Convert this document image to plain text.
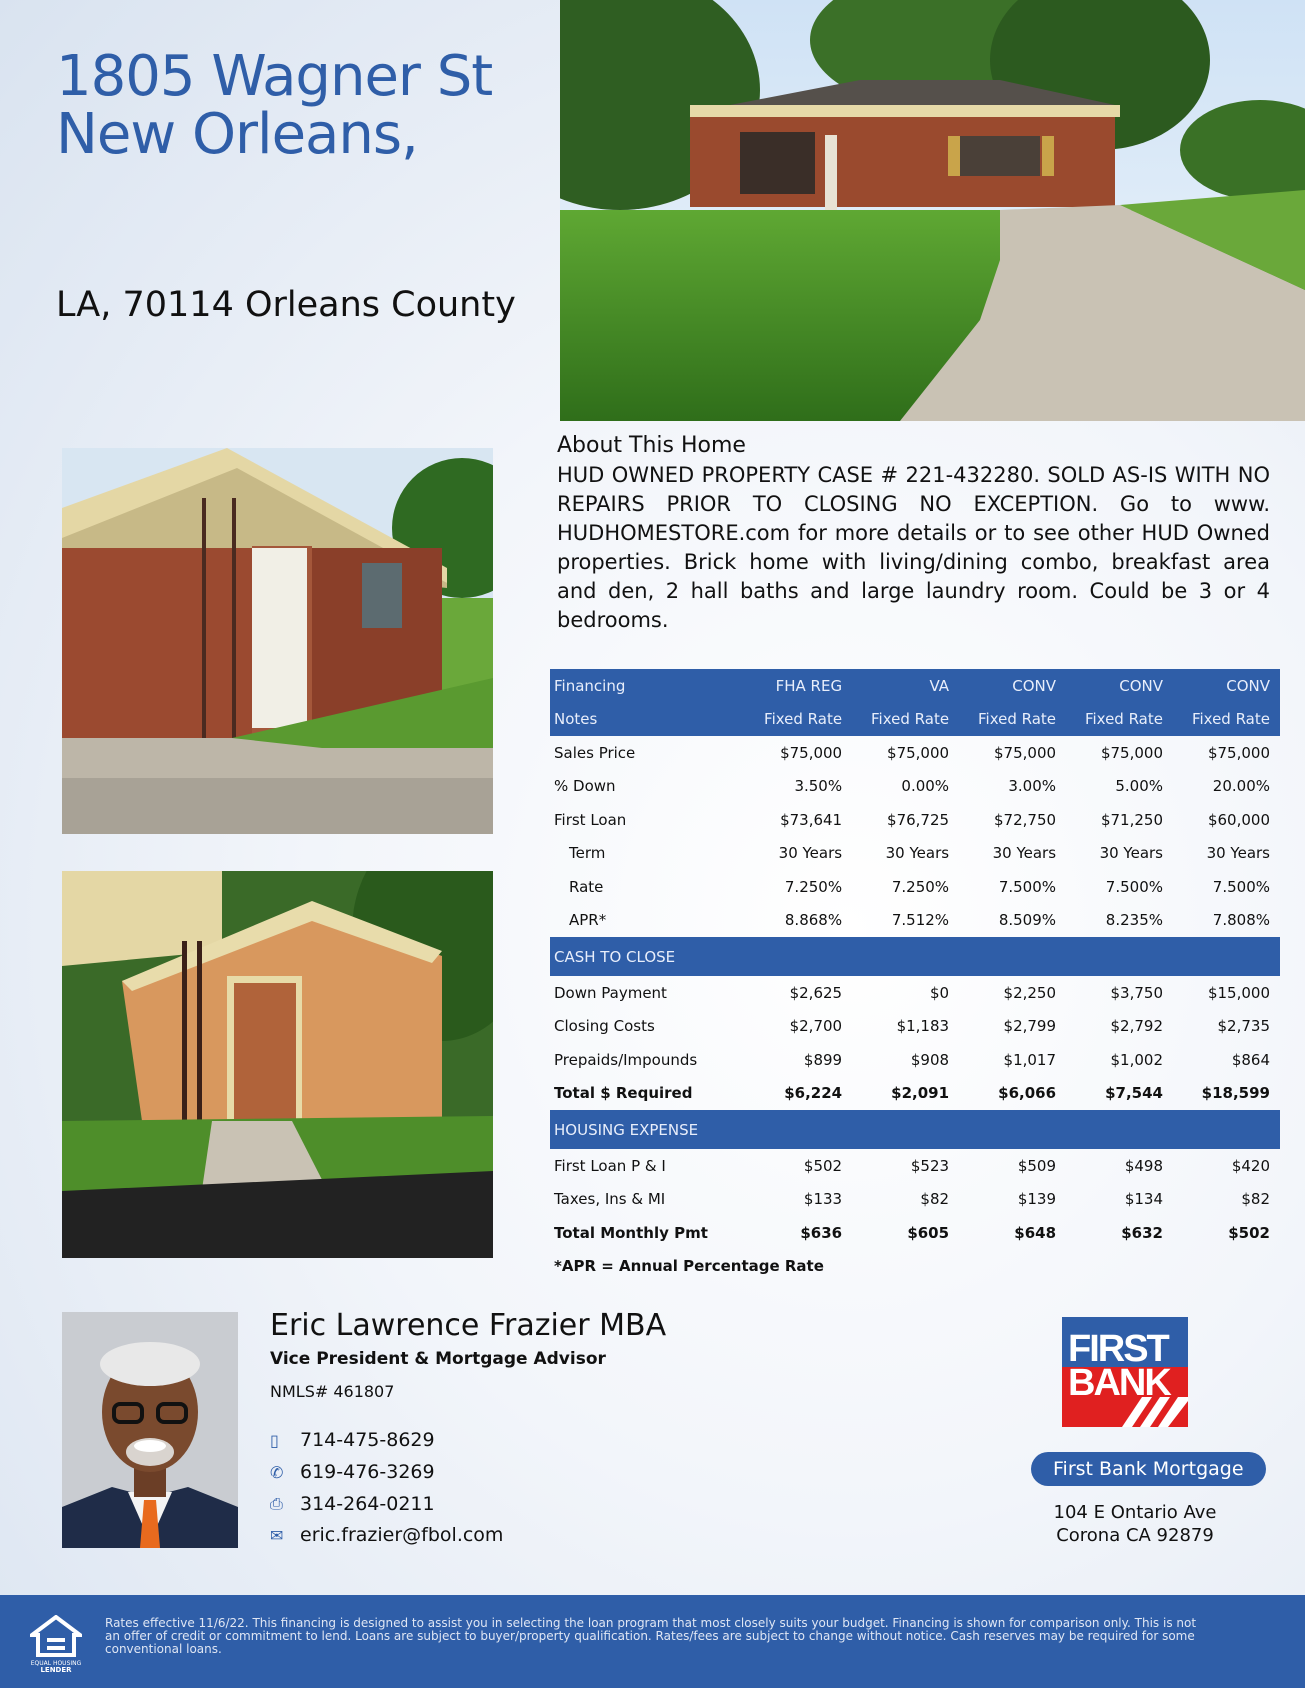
1805 Wagner St
New Orleans,
LA, 70114 Orleans County
About This Home
HUD OWNED PROPERTY CASE # 221-432280. SOLD AS-IS WITH NO REPAIRS PRIOR TO CLOSING NO EXCEPTION. Go to www. HUDHOMESTORE.com for more details or to see other HUD Owned properties. Brick home with living/dining combo, breakfast area and den, 2 hall baths and large laundry room. Could be 3 or 4 bedrooms.
Financing	FHA REG	VA	CONV	CONV	CONV
Notes	Fixed Rate	Fixed Rate	Fixed Rate	Fixed Rate	Fixed Rate
Sales Price	$75,000	$75,000	$75,000	$75,000	$75,000
% Down	3.50%	0.00%	3.00%	5.00%	20.00%
First Loan	$73,641	$76,725	$72,750	$71,250	$60,000
Term	30 Years	30 Years	30 Years	30 Years	30 Years
Rate	7.250%	7.250%	7.500%	7.500%	7.500%
APR*	8.868%	7.512%	8.509%	8.235%	7.808%
CASH TO CLOSE					
Down Payment	$2,625	$0	$2,250	$3,750	$15,000
Closing Costs	$2,700	$1,183	$2,799	$2,792	$2,735
Prepaids/Impounds	$899	$908	$1,017	$1,002	$864
Total $ Required	$6,224	$2,091	$6,066	$7,544	$18,599
HOUSING EXPENSE					
First Loan P & I	$502	$523	$509	$498	$420
Taxes, Ins & MI	$133	$82	$139	$134	$82
Total Monthly Pmt	$636	$605	$648	$632	$502
*APR = Annual Percentage Rate
Eric Lawrence Frazier MBA
Vice President & Mortgage Advisor
NMLS# 461807
▯	714-475-8629
✆ 619-476-3269
⎙ 314-264-0211
✉ eric.frazier@fbol.com
FIRST
BANK
First Bank Mortgage
104 E Ontario Ave
Corona CA 92879
EQUAL HOUSING
LENDER
Rates effective 11/6/22. This financing is designed to assist you in selecting the loan program that most closely suits your budget. Financing is shown for comparison only. This is not an offer of credit or commitment to lend. Loans are subject to buyer/property qualification. Rates/fees are subject to change without notice. Cash reserves may be required for some conventional loans.
